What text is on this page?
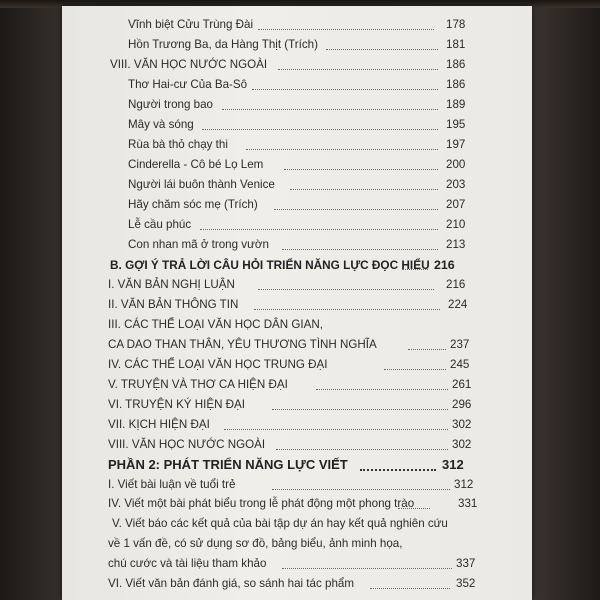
Vĩnh biệt Cửu Trùng Đài	178
Hồn Trương Ba, da Hàng Thịt (Trích)	181
VIII. VĂN HỌC NƯỚC NGOÀI	186
Thơ Hai-cư Của Ba-Sô	186
Người trong bao	189
Mây và sóng	195
Rùa bà thỏ chạy thi	197
Cinderella - Cô bé Lọ Lem	200
Người lái buôn thành Venice	203
Hãy chăm sóc mẹ (Trích)	207
Lễ cầu phúc	210
Con nhan mã ở trong vườn	213
B. GỢI Ý TRẢ LỜI CÂU HỎI TRIỂN NĂNG LỰC ĐỌC HIỂU 216
I. VĂN BẢN NGHỊ LUẬN	216
II. VĂN BẢN THÔNG TIN	224
III. CÁC THỂ LOẠI VĂN HỌC DÂN GIAN,
CA DAO THAN THÂN, YÊU THƯƠNG TÌNH NGHĨA	237
IV. CÁC THỂ LOẠI VĂN HỌC TRUNG ĐẠI	245
V. TRUYỆN VÀ THƠ CA HIỆN ĐẠI	261
VI. TRUYỆN KÝ HIỆN ĐẠI	296
VII. KỊCH HIỆN ĐẠI	302
VIII. VĂN HỌC NƯỚC NGOÀI	302
PHẦN 2: PHÁT TRIỂN NĂNG LỰC VIẾT	312
I. Viết bài luận về tuổi trẻ	312
IV. Viết một bài phát biểu trong lễ phát động một phong trào	331
V. Viết báo các kết quả của bài tập dự án hay kết quả nghiên cứu
về 1 vấn đề, có sử dụng sơ đồ, bảng biểu, ảnh minh họa,
chú cước và tài liệu tham khảo	337
VI. Viết văn bản đánh giá, so sánh hai tác phẩm	352
